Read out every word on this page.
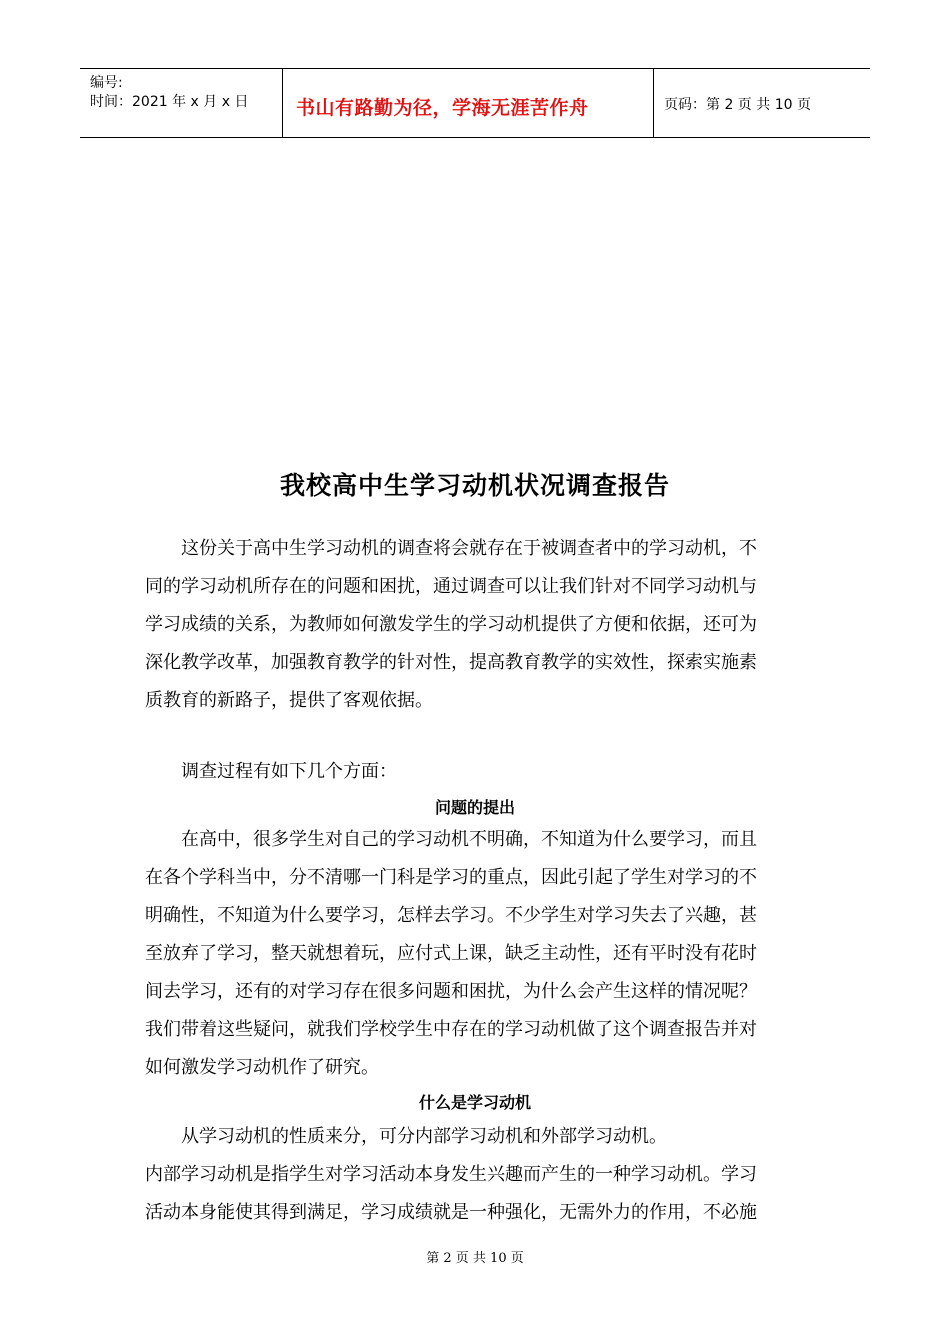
编号:
时间：2021 年 x 月 x 日	书山有路勤为径，学海无涯苦作舟	页码：第 2 页 共 10 页
我校高中生学习动机状况调查报告
这份关于高中生学习动机的调查将会就存在于被调查者中的学习动机，不
同的学习动机所存在的问题和困扰，通过调查可以让我们针对不同学习动机与
学习成绩的关系，为教师如何激发学生的学习动机提供了方便和依据，还可为
深化教学改革，加强教育教学的针对性，提高教育教学的实效性，探索实施素
质教育的新路子，提供了客观依据。
调查过程有如下几个方面：
问题的提出
在高中，很多学生对自己的学习动机不明确，不知道为什么要学习，而且
在各个学科当中，分不清哪一门科是学习的重点，因此引起了学生对学习的不
明确性，不知道为什么要学习，怎样去学习。不少学生对学习失去了兴趣，甚
至放弃了学习，整天就想着玩，应付式上课，缺乏主动性，还有平时没有花时
间去学习，还有的对学习存在很多问题和困扰，为什么会产生这样的情况呢？
我们带着这些疑问，就我们学校学生中存在的学习动机做了这个调查报告并对
如何激发学习动机作了研究。
什么是学习动机
从学习动机的性质来分，可分内部学习动机和外部学习动机。
内部学习动机是指学生对学习活动本身发生兴趣而产生的一种学习动机。学习
活动本身能使其得到满足，学习成绩就是一种强化，无需外力的作用，不必施
第 2 页 共 10 页
